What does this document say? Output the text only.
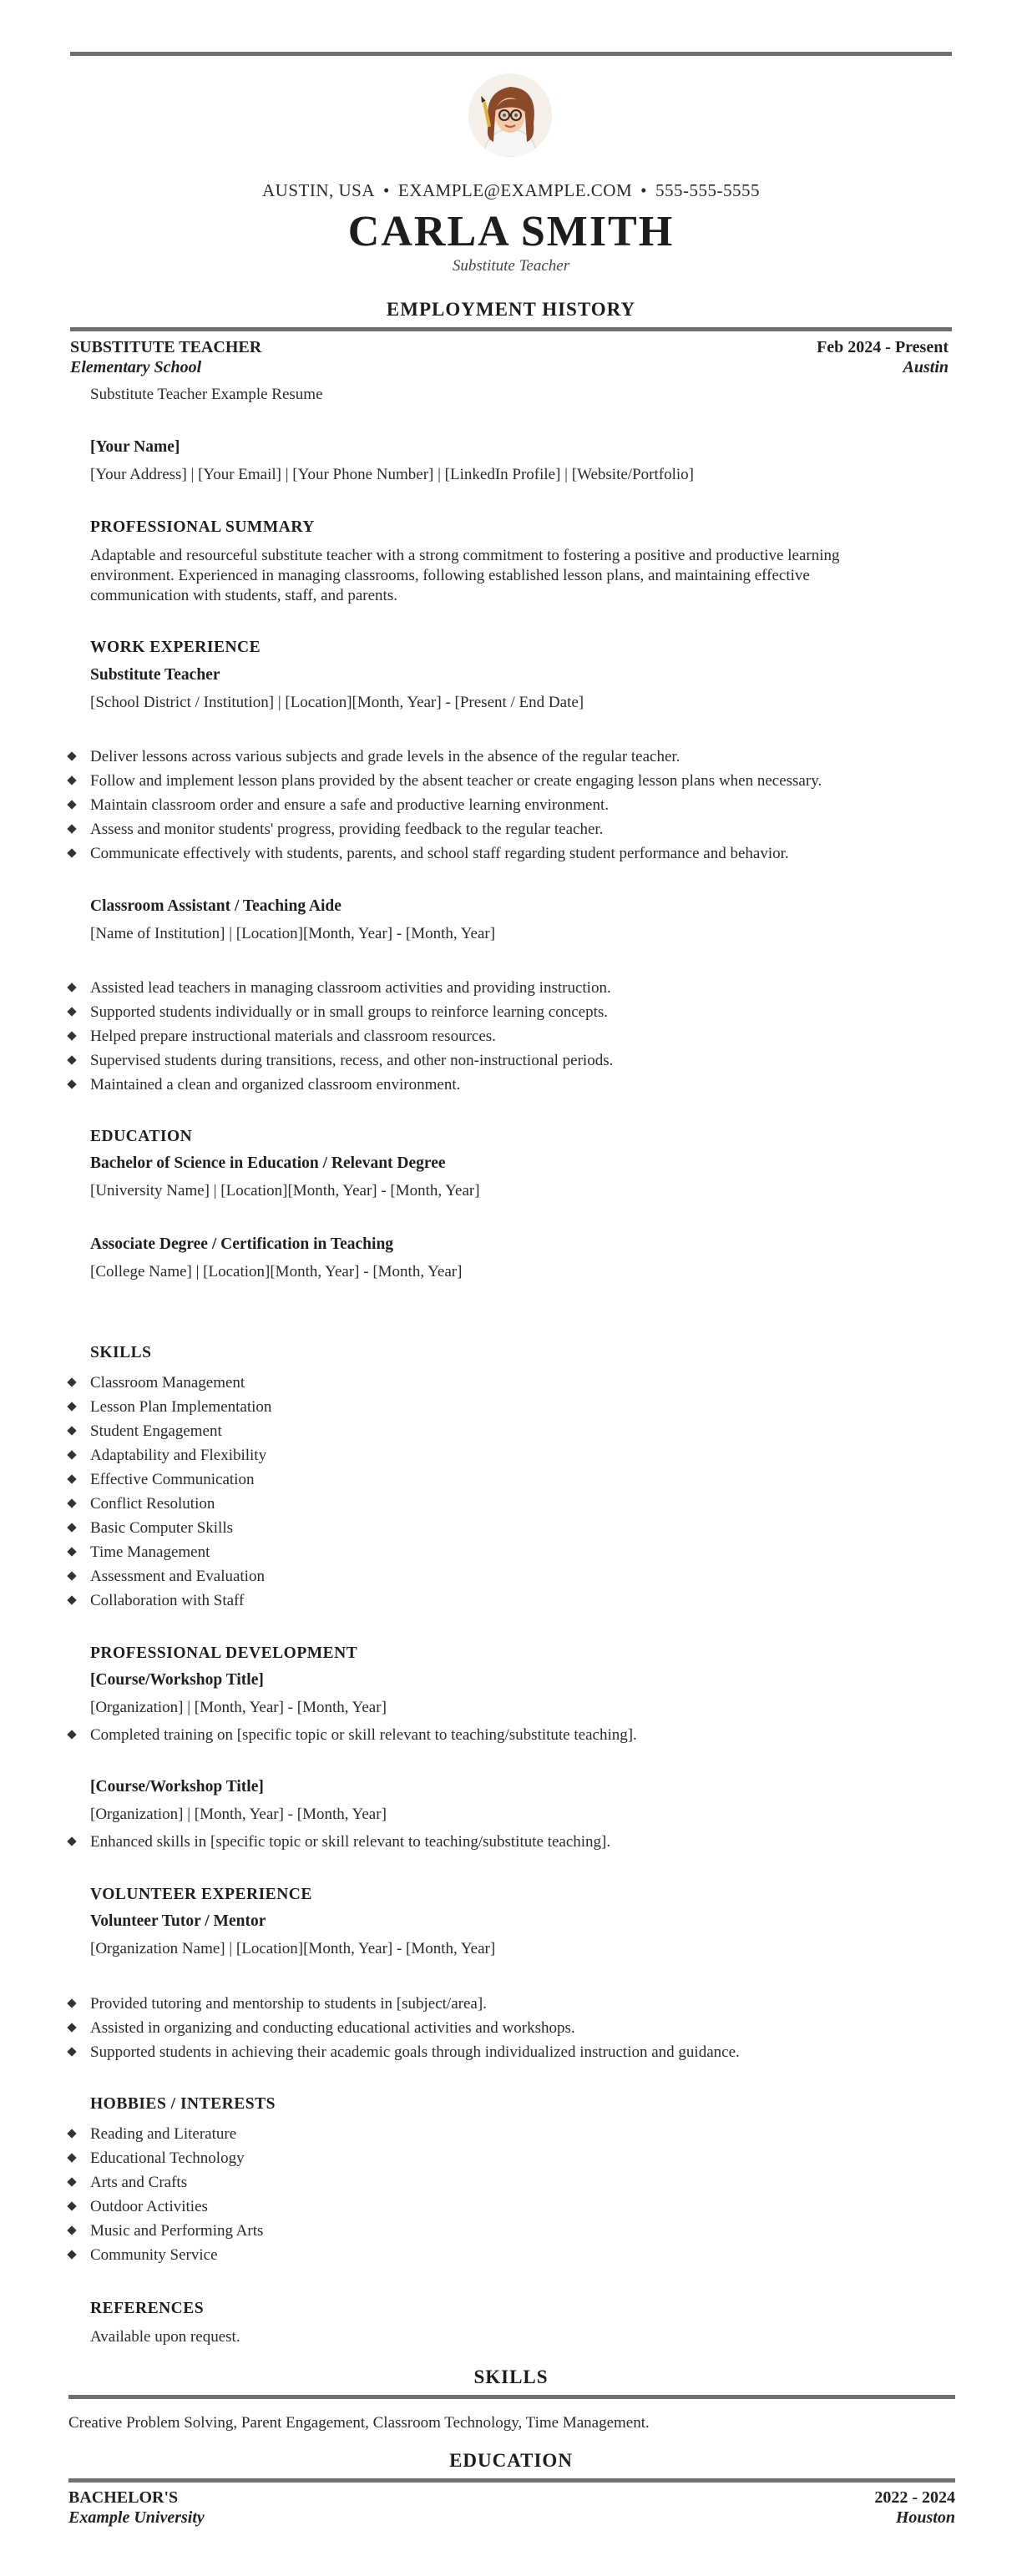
AUSTIN, USA • EXAMPLE@EXAMPLE.COM • 555-555-5555
CARLA SMITH
Substitute Teacher
EMPLOYMENT HISTORY
SUBSTITUTE TEACHER	Feb 2024 - Present
Elementary School	Austin
Substitute Teacher Example Resume
[Your Name]
[Your Address] | [Your Email] | [Your Phone Number] | [LinkedIn Profile] | [Website/Portfolio]
PROFESSIONAL SUMMARY
Adaptable and resourceful substitute teacher with a strong commitment to fostering a positive and productive learning
environment. Experienced in managing classrooms, following established lesson plans, and maintaining effective
communication with students, staff, and parents.
WORK EXPERIENCE
Substitute Teacher
[School District / Institution] | [Location][Month, Year] - [Present / End Date]
Deliver lessons across various subjects and grade levels in the absence of the regular teacher.
Follow and implement lesson plans provided by the absent teacher or create engaging lesson plans when necessary.
Maintain classroom order and ensure a safe and productive learning environment.
Assess and monitor students' progress, providing feedback to the regular teacher.
Communicate effectively with students, parents, and school staff regarding student performance and behavior.
Classroom Assistant / Teaching Aide
[Name of Institution] | [Location][Month, Year] - [Month, Year]
Assisted lead teachers in managing classroom activities and providing instruction.
Supported students individually or in small groups to reinforce learning concepts.
Helped prepare instructional materials and classroom resources.
Supervised students during transitions, recess, and other non-instructional periods.
Maintained a clean and organized classroom environment.
EDUCATION
Bachelor of Science in Education / Relevant Degree
[University Name] | [Location][Month, Year] - [Month, Year]
Associate Degree / Certification in Teaching
[College Name] | [Location][Month, Year] - [Month, Year]
SKILLS
Classroom Management
Lesson Plan Implementation
Student Engagement
Adaptability and Flexibility
Effective Communication
Conflict Resolution
Basic Computer Skills
Time Management
Assessment and Evaluation
Collaboration with Staff
PROFESSIONAL DEVELOPMENT
[Course/Workshop Title]
[Organization] | [Month, Year] - [Month, Year]
Completed training on [specific topic or skill relevant to teaching/substitute teaching].
[Course/Workshop Title]
[Organization] | [Month, Year] - [Month, Year]
Enhanced skills in [specific topic or skill relevant to teaching/substitute teaching].
VOLUNTEER EXPERIENCE
Volunteer Tutor / Mentor
[Organization Name] | [Location][Month, Year] - [Month, Year]
Provided tutoring and mentorship to students in [subject/area].
Assisted in organizing and conducting educational activities and workshops.
Supported students in achieving their academic goals through individualized instruction and guidance.
HOBBIES / INTERESTS
Reading and Literature
Educational Technology
Arts and Crafts
Outdoor Activities
Music and Performing Arts
Community Service
REFERENCES
Available upon request.
SKILLS
Creative Problem Solving, Parent Engagement, Classroom Technology, Time Management.
EDUCATION
BACHELOR'S	2022 - 2024
Example University	Houston
